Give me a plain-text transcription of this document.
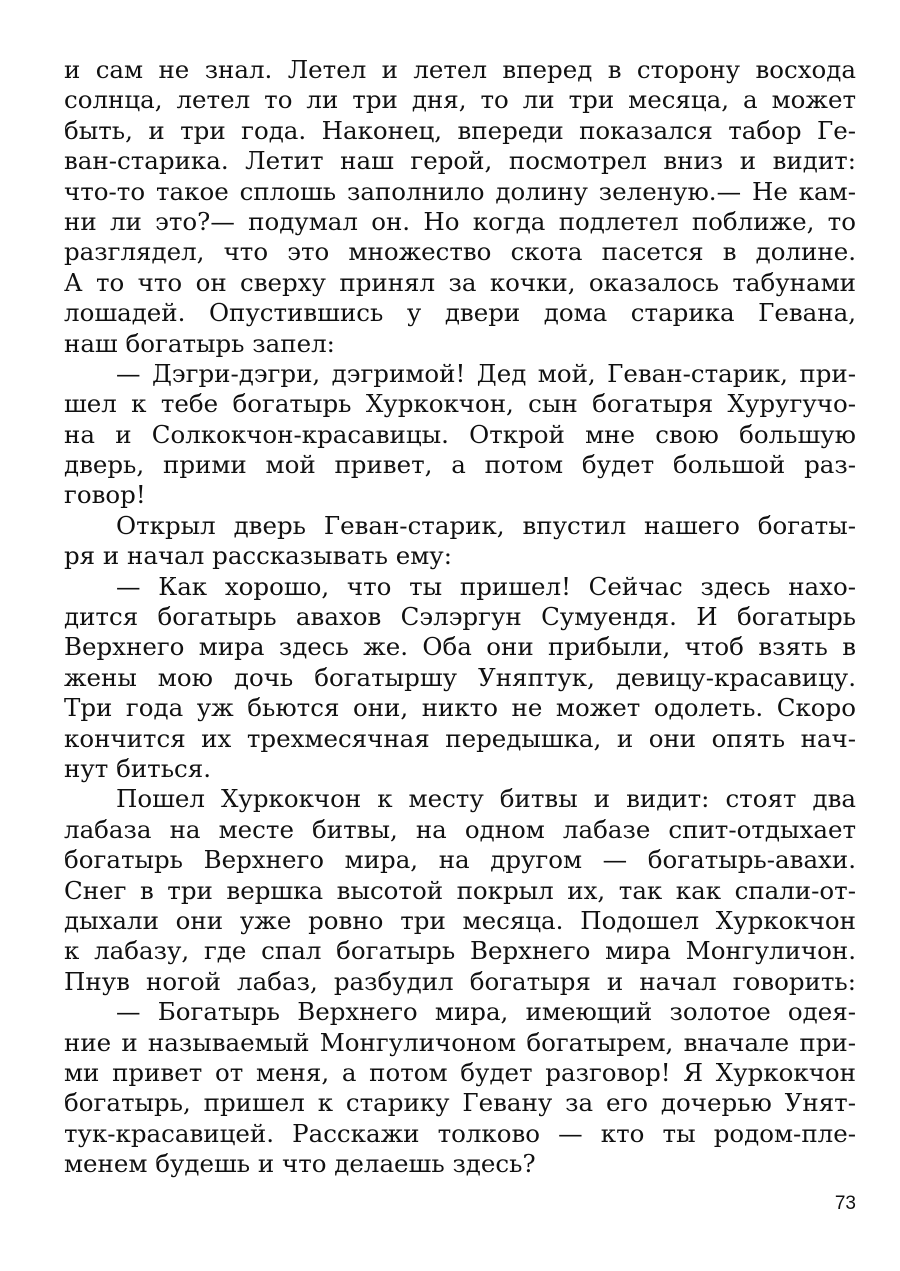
и сам не знал. Летел и летел вперед в сторону восхода
солнца, летел то ли три дня, то ли три месяца, а может
быть, и три года. Наконец, впереди показался табор Ге-
ван-старика. Летит наш герой, посмотрел вниз и видит:
что-то такое сплошь заполнило долину зеленую.— Не кам-
ни ли это?— подумал он. Но когда подлетел поближе, то
разглядел, что это множество скота пасется в долине.
А то что он сверху принял за кочки, оказалось табунами
лошадей. Опустившись у двери дома старика Гевана,
наш богатырь запел:
— Дэгри-дэгри, дэгримой! Дед мой, Геван-старик, при-
шел к тебе богатырь Хуркокчон, сын богатыря Хуругучо-
на и Солкокчон-красавицы. Открой мне свою большую
дверь, прими мой привет, а потом будет большой раз-
говор!
Открыл дверь Геван-старик, впустил нашего богаты-
ря и начал рассказывать ему:
— Как хорошо, что ты пришел! Сейчас здесь нахо-
дится богатырь авахов Сэлэргун Сумуендя. И богатырь
Верхнего мира здесь же. Оба они прибыли, чтоб взять в
жены мою дочь богатыршу Уняптук, девицу-красавицу.
Три года уж бьются они, никто не может одолеть. Скоро
кончится их трехмесячная передышка, и они опять нач-
нут биться.
Пошел Хуркокчон к месту битвы и видит: стоят два
лабаза на месте битвы, на одном лабазе спит-отдыхает
богатырь Верхнего мира, на другом — богатырь-авахи.
Снег в три вершка высотой покрыл их, так как спали-от-
дыхали они уже ровно три месяца. Подошел Хуркокчон
к лабазу, где спал богатырь Верхнего мира Монгуличон.
Пнув ногой лабаз, разбудил богатыря и начал говорить:
— Богатырь Верхнего мира, имеющий золотое одея-
ние и называемый Монгуличоном богатырем, вначале при-
ми привет от меня, а потом будет разговор! Я Хуркокчон
богатырь, пришел к старику Гевану за его дочерью Унят-
тук-красавицей. Расскажи толково — кто ты родом-пле-
менем будешь и что делаешь здесь?
73
